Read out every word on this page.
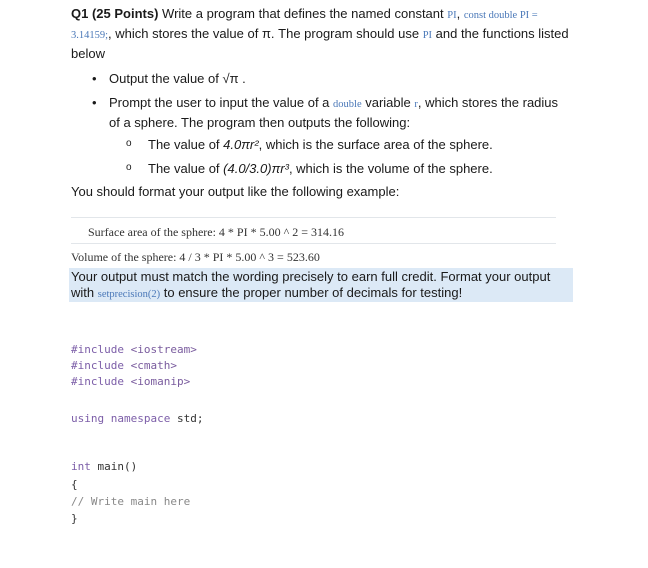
Q1 (25 Points) Write a program that defines the named constant PI, const double PI = 3.14159;, which stores the value of π. The program should use PI and the functions listed below
• Output the value of √π .
• Prompt the user to input the value of a double variable r, which stores the radius of a sphere. The program then outputs the following:
o The value of 4.0πr², which is the surface area of the sphere.
o The value of (4.0/3.0)πr³, which is the volume of the sphere.
You should format your output like the following example:
Surface area of the sphere: 4 * PI * 5.00 ^ 2 = 314.16
Volume of the sphere: 4 / 3 * PI * 5.00 ^ 3 = 523.60
Your output must match the wording precisely to earn full credit. Format your output with setprecision(2) to ensure the proper number of decimals for testing!
#include <iostream>
#include <cmath>
#include <iomanip>
using namespace std;
int main()
{
// Write main here
}
